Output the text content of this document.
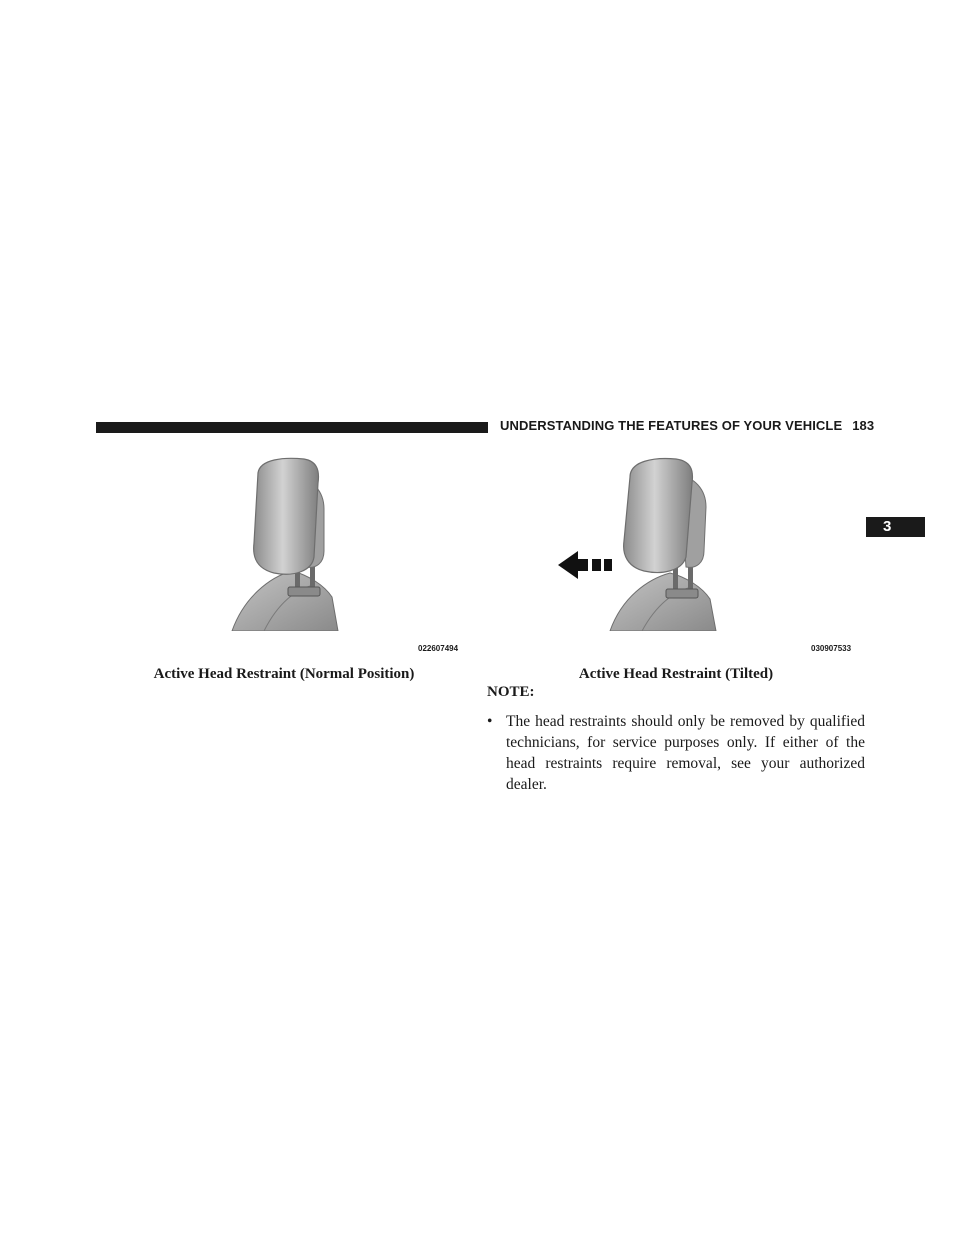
UNDERSTANDING THE FEATURES OF YOUR VEHICLE 183
3
022607494	030907533
Active Head Restraint (Normal Position)	Active Head Restraint (Tilted)
NOTE:
• The head restraints should only be removed by qualified technicians, for service purposes only. If either of the head restraints require removal, see your authorized dealer.
